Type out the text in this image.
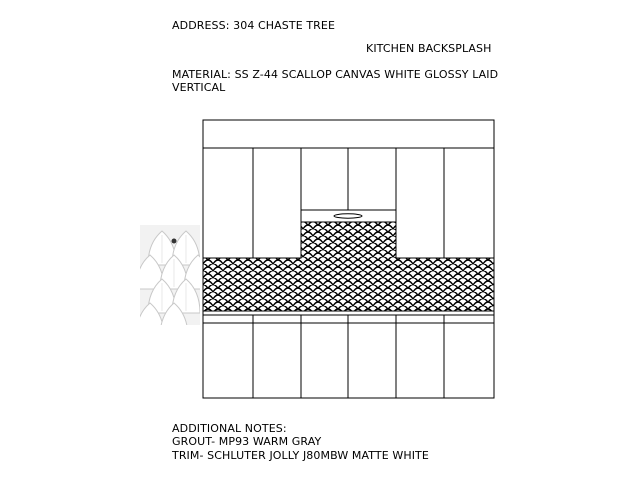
ADDRESS: 304 CHASTE TREE
KITCHEN BACKSPLASH
MATERIAL: SS Z-44 SCALLOP CANVAS WHITE GLOSSY LAID
VERTICAL
ADDITIONAL NOTES:
GROUT- MP93 WARM GRAY
TRIM- SCHLUTER JOLLY J80MBW MATTE WHITE
